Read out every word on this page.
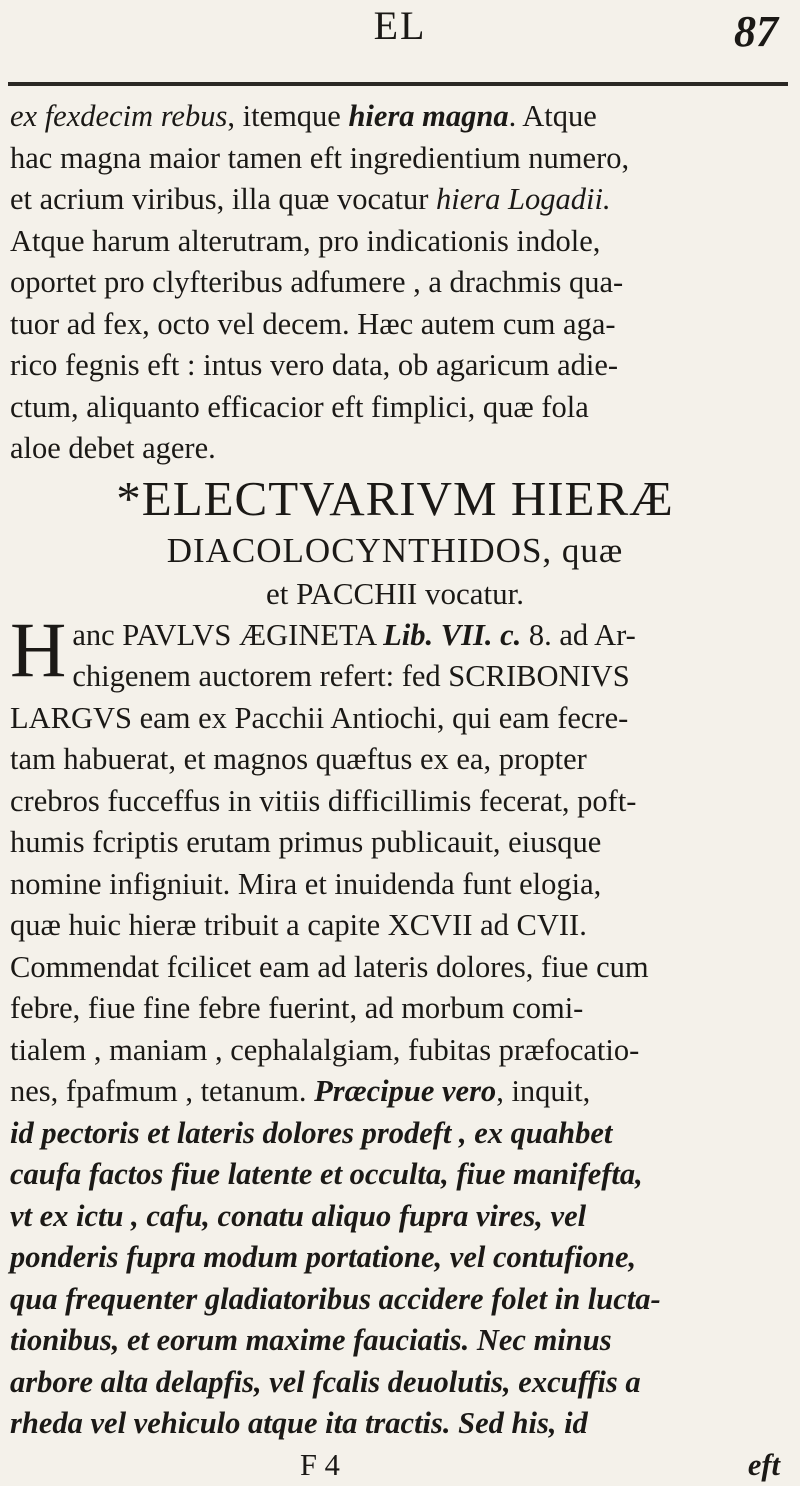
EL	87

ex fexdecim rebus, itemque hiera magna. Atque
hac magna maior tamen eft ingredientium numero,
et acrium viribus, illa quæ vocatur hiera Logadii.
Atque harum alterutram, pro indicationis indole,
oportet pro clyfteribus adfumere , a drachmis qua-
tuor ad fex, octo vel decem. Hæc autem cum aga-
rico fegnis eft : intus vero data, ob agaricum adie-
ctum, aliquanto efficacior eft fimplici, quæ fola
aloe debet agere.

*ELECTVARIVM HIERÆ

DIACOLOCYNTHIDOS, quæ

et PACCHII vocatur.

H anc PAVLVS ÆGINETA Lib. VII. c. 8. ad Ar-
chigenem auctorem refert: fed SCRIBONIVS
LARGVS eam ex Pacchii Antiochi, qui eam fecre-
tam habuerat, et magnos quæftus ex ea, propter
crebros fucceffus in vitiis difficillimis fecerat, poft-
humis fcriptis erutam primus publicauit, eiusque
nomine infigniuit. Mira et inuidenda funt elogia,
quæ huic hieræ tribuit a capite XCVII ad CVII.
Commendat fcilicet eam ad lateris dolores, fiue cum
febre, fiue fine febre fuerint, ad morbum comi-
tialem , maniam , cephalalgiam, fubitas præfocatio-
nes, fpafmum , tetanum. Præcipue vero, inquit,
id pectoris et lateris dolores prodeft , ex quahbet
caufa factos fiue latente et occulta, fiue manifefta,
vt ex ictu , cafu, conatu aliquo fupra vires, vel
ponderis fupra modum portatione, vel contufione,
qua frequenter gladiatoribus accidere folet in lucta-
tionibus, et eorum maxime fauciatis. Nec minus
arbore alta delapfis, vel fcalis deuolutis, excuffis a
rheda vel vehiculo atque ita tractis. Sed his, id

F 4	eft
